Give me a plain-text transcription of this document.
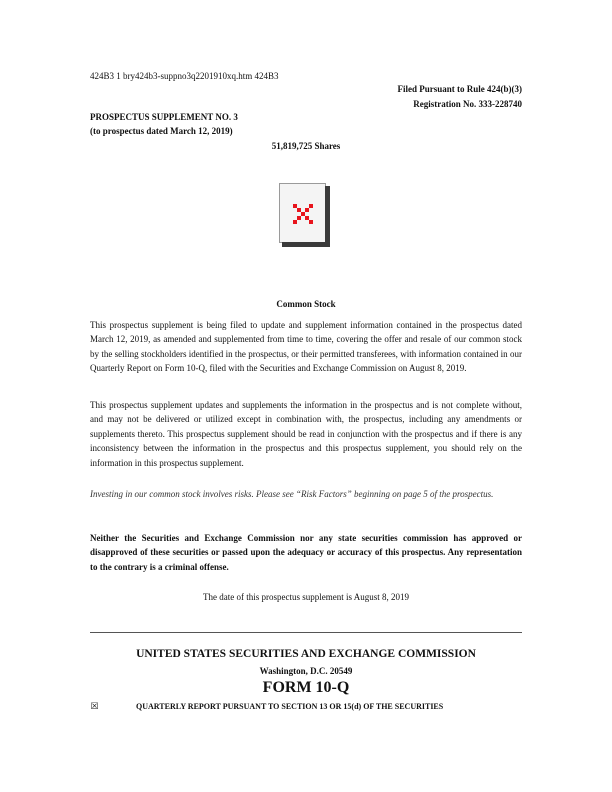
424B3 1 bry424b3-suppno3q2201910xq.htm 424B3
Filed Pursuant to Rule 424(b)(3)
Registration No. 333-228740
PROSPECTUS SUPPLEMENT NO. 3
(to prospectus dated March 12, 2019)
51,819,725 Shares
Common Stock
This prospectus supplement is being filed to update and supplement information contained in the prospectus dated March 12, 2019, as amended and supplemented from time to time, covering the offer and resale of our common stock by the selling stockholders identified in the prospectus, or their permitted transferees, with information contained in our Quarterly Report on Form 10-Q, filed with the Securities and Exchange Commission on August 8, 2019.
This prospectus supplement updates and supplements the information in the prospectus and is not complete without, and may not be delivered or utilized except in combination with, the prospectus, including any amendments or supplements thereto. This prospectus supplement should be read in conjunction with the prospectus and if there is any inconsistency between the information in the prospectus and this prospectus supplement, you should rely on the information in this prospectus supplement.
Investing in our common stock involves risks. Please see “Risk Factors” beginning on page 5 of the prospectus.
Neither the Securities and Exchange Commission nor any state securities commission has approved or disapproved of these securities or passed upon the adequacy or accuracy of this prospectus. Any representation to the contrary is a criminal offense.
The date of this prospectus supplement is August 8, 2019
UNITED STATES SECURITIES AND EXCHANGE COMMISSION
Washington, D.C. 20549
FORM 10-Q
☒	QUARTERLY REPORT PURSUANT TO SECTION 13 OR 15(d) OF THE SECURITIES
